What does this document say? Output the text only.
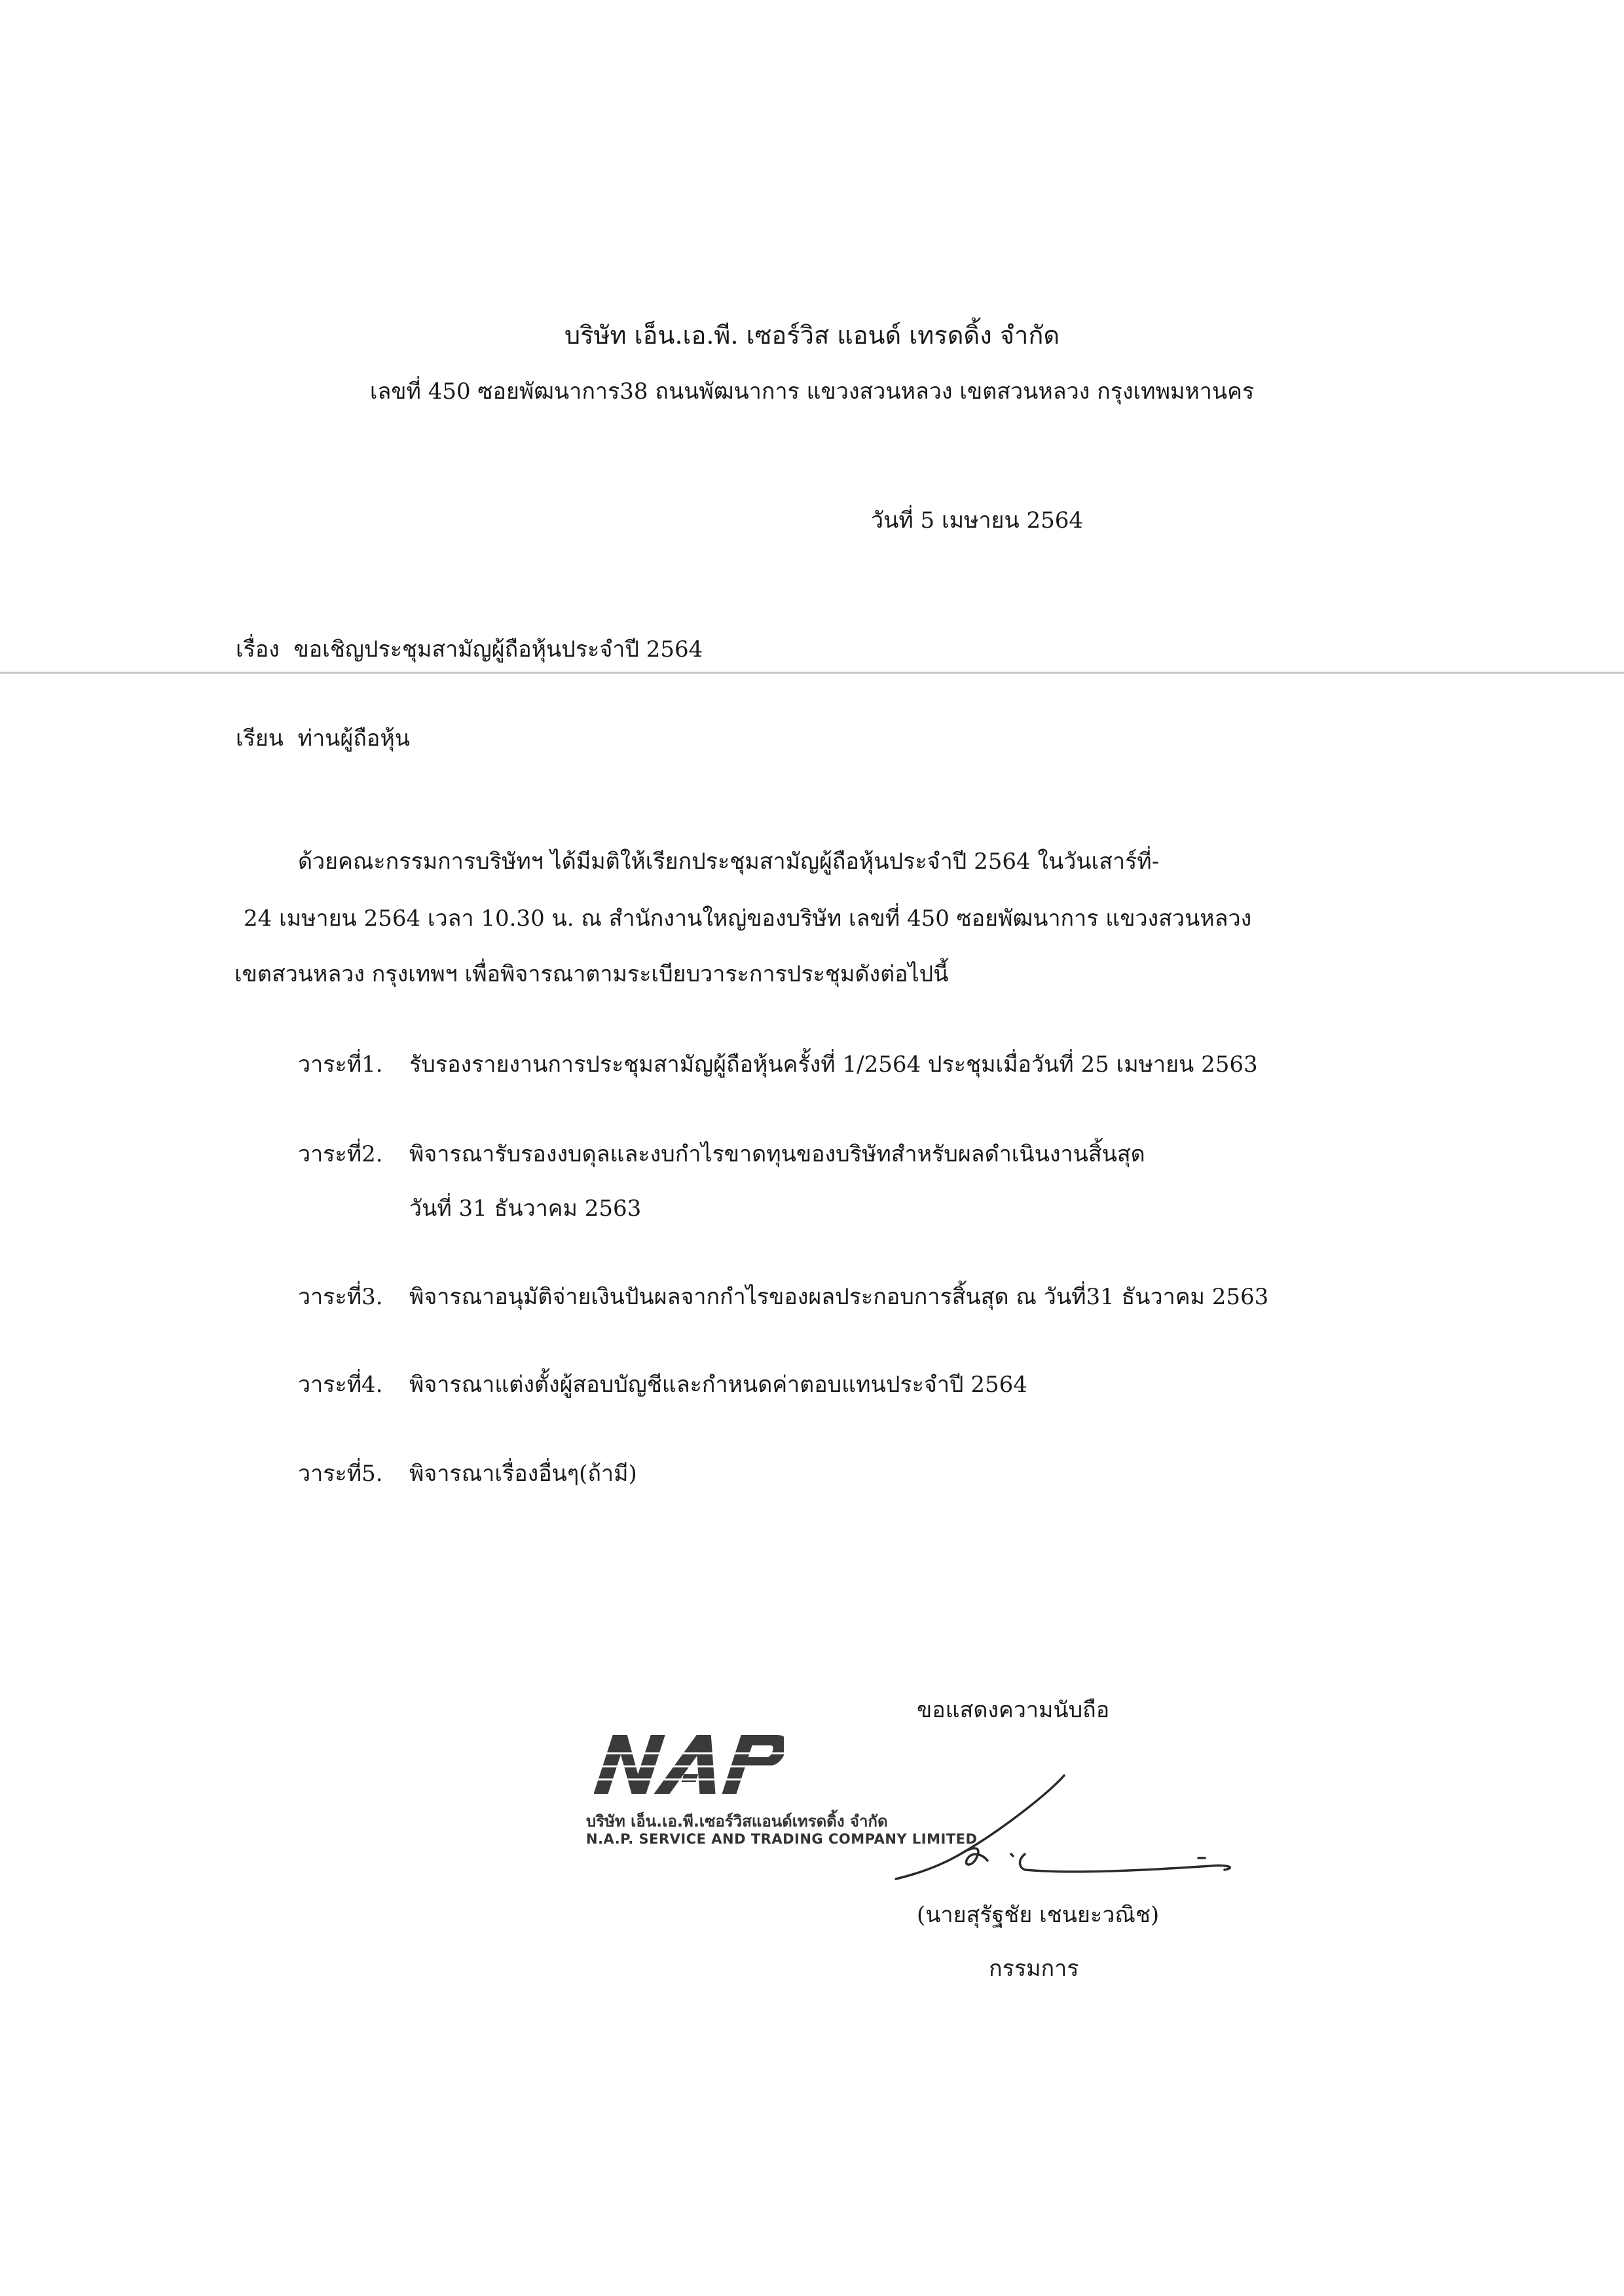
บริษัท เอ็น.เอ.พี. เซอร์วิส แอนด์ เทรดดิ้ง จำกัด
เลขที่ 450 ซอยพัฒนาการ38 ถนนพัฒนาการ แขวงสวนหลวง เขตสวนหลวง กรุงเทพมหานคร
วันที่ 5 เมษายน 2564
เรื่อง ขอเชิญประชุมสามัญผู้ถือหุ้นประจำปี 2564
เรียน ท่านผู้ถือหุ้น
ด้วยคณะกรรมการบริษัทฯ ได้มีมติให้เรียกประชุมสามัญผู้ถือหุ้นประจำปี 2564 ในวันเสาร์ที่-
24 เมษายน 2564 เวลา 10.30 น. ณ สำนักงานใหญ่ของบริษัท เลขที่ 450 ซอยพัฒนาการ แขวงสวนหลวง
เขตสวนหลวง กรุงเทพฯ เพื่อพิจารณาตามระเบียบวาระการประชุมดังต่อไปนี้
วาระที่1. รับรองรายงานการประชุมสามัญผู้ถือหุ้นครั้งที่ 1/2564 ประชุมเมื่อวันที่ 25 เมษายน 2563
วาระที่2. พิจารณารับรองงบดุลและงบกำไรขาดทุนของบริษัทสำหรับผลดำเนินงานสิ้นสุด
วันที่ 31 ธันวาคม 2563
วาระที่3. พิจารณาอนุมัติจ่ายเงินปันผลจากกำไรของผลประกอบการสิ้นสุด ณ วันที่31 ธันวาคม 2563
วาระที่4. พิจารณาแต่งตั้งผู้สอบบัญชีและกำหนดค่าตอบแทนประจำปี 2564
วาระที่5. พิจารณาเรื่องอื่นๆ(ถ้ามี)
ขอแสดงความนับถือ
บริษัท เอ็น.เอ.พี.เซอร์วิสแอนด์เทรดดิ้ง จำกัด
N.A.P. SERVICE AND TRADING COMPANY LIMITED
(นายสุรัฐชัย เชนยะวณิช)
กรรมการ
